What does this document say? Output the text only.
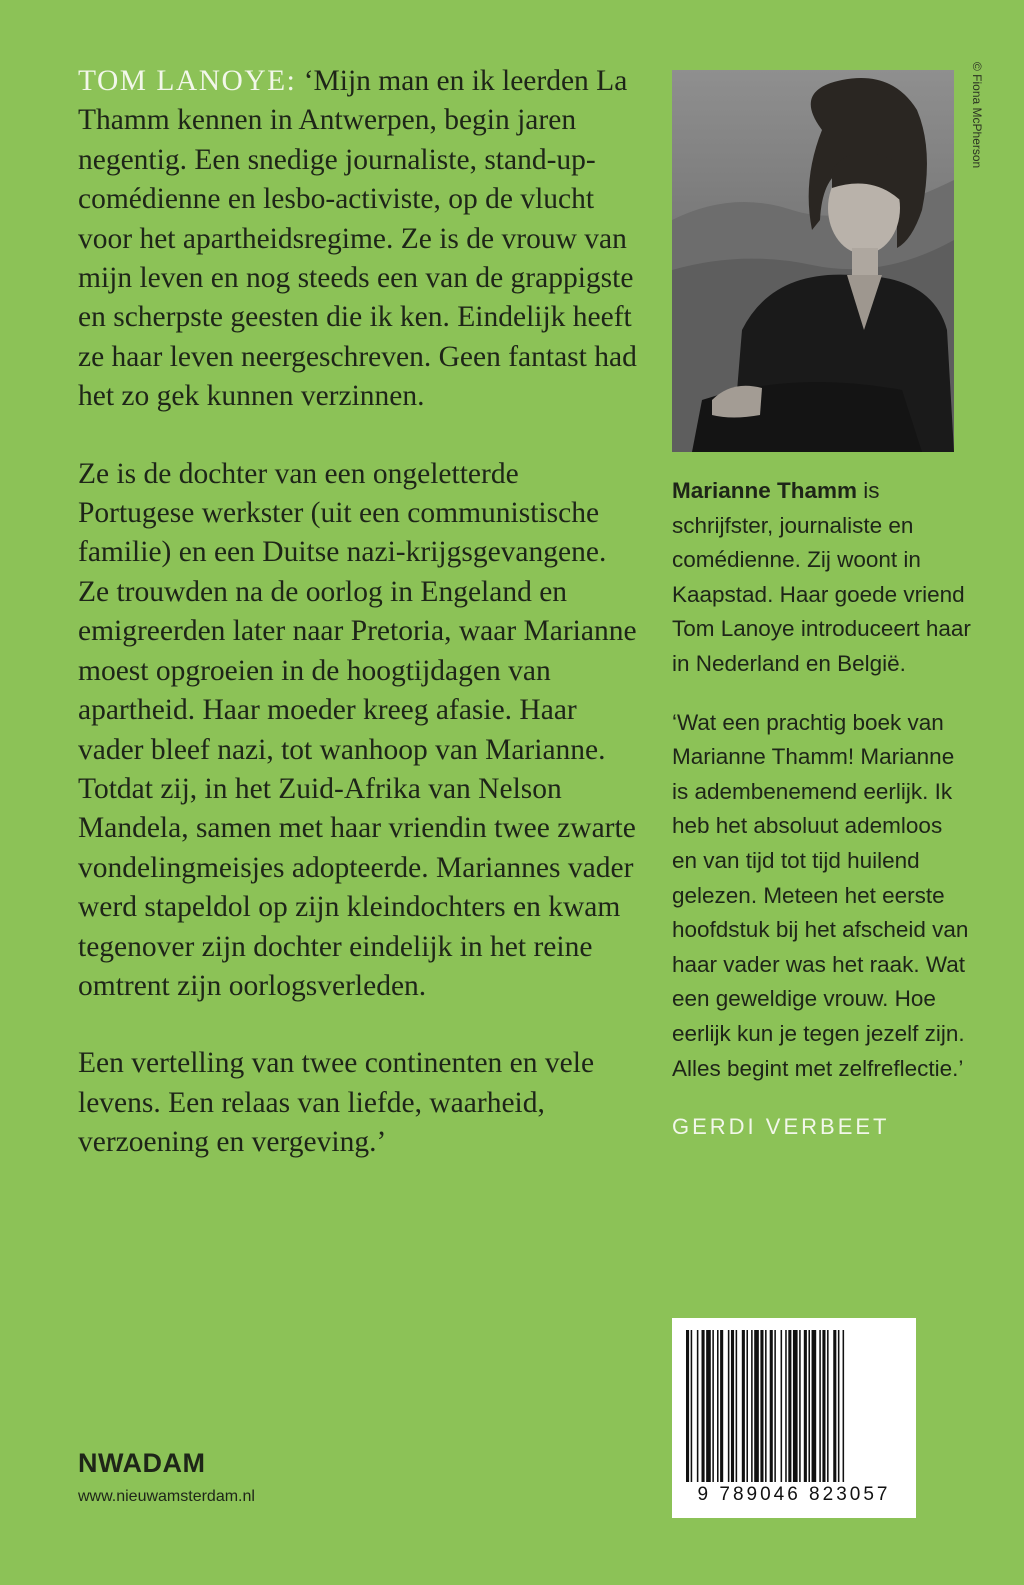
TOM LANOYE: ‘Mijn man en ik leerden La Thamm kennen in Antwerpen, begin jaren negentig. Een snedige journaliste, stand-up-comédienne en lesbo-activiste, op de vlucht voor het apartheidsregime. Ze is de vrouw van mijn leven en nog steeds een van de grappigste en scherpste geesten die ik ken. Eindelijk heeft ze haar leven neergeschreven. Geen fantast had het zo gek kunnen verzinnen.

Ze is de dochter van een ongeletterde Portugese werkster (uit een communistische familie) en een Duitse nazi-krijgsgevangene. Ze trouwden na de oorlog in Engeland en emigreerden later naar Pretoria, waar Marianne moest opgroeien in de hoogtijdagen van apartheid. Haar moeder kreeg afasie. Haar vader bleef nazi, tot wanhoop van Marianne. Totdat zij, in het Zuid-Afrika van Nelson Mandela, samen met haar vriendin twee zwarte vondelingmeisjes adopteerde. Mariannes vader werd stapeldol op zijn kleindochters en kwam tegenover zijn dochter eindelijk in het reine omtrent zijn oorlogsverleden.

Een vertelling van twee continenten en vele levens. Een relaas van liefde, waarheid, verzoening en vergeving.’

© Fiona McPherson

Marianne Thamm is schrijfster, journaliste en comédienne. Zij woont in Kaapstad. Haar goede vriend Tom Lanoye introduceert haar in Nederland en België.

‘Wat een prachtig boek van Marianne Thamm! Marianne is adembenemend eerlijk. Ik heb het absoluut ademloos en van tijd tot tijd huilend gelezen. Meteen het eerste hoofdstuk bij het afscheid van haar vader was het raak. Wat een geweldige vrouw. Hoe eerlijk kun je tegen jezelf zijn. Alles begint met zelfreflectie.’

GERDI VERBEET

9 789046 823057
NWADAM
www.nieuwamsterdam.nl
